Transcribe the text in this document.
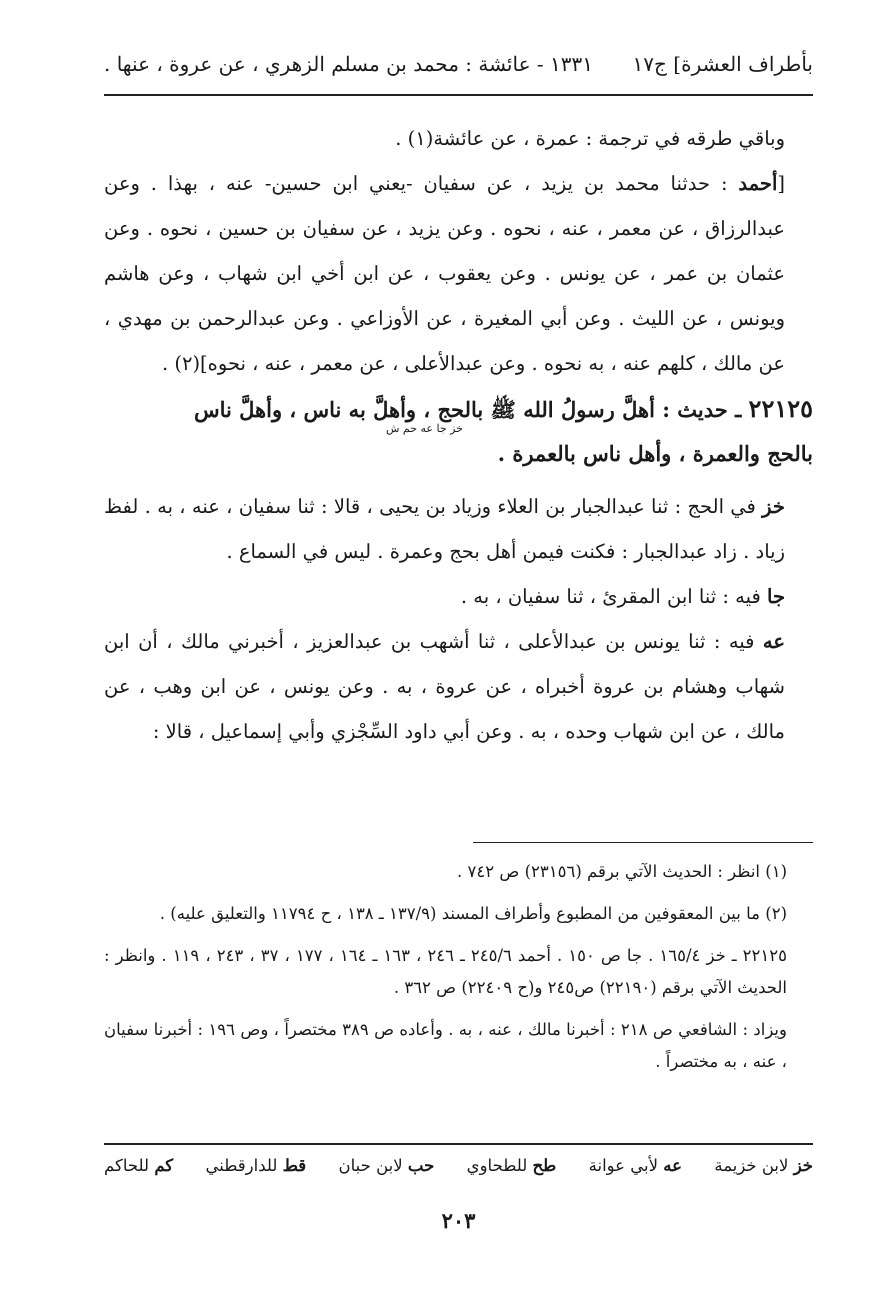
بأطراف العشرة] ج١٧
١٣٣١ - عائشة : محمد بن مسلم الزهري ، عن عروة ، عنها .

وباقي طرقه في ترجمة : عمرة ، عن عائشة(١) .

[أحمد : حدثنا محمد بن يزيد ، عن سفيان -يعني ابن حسين- عنه ، بهذا . وعن عبدالرزاق ، عن معمر ، عنه ، نحوه . وعن يزيد ، عن سفيان بن حسين ، نحوه . وعن عثمان بن عمر ، عن يونس . وعن يعقوب ، عن ابن أخي ابن شهاب ، وعن هاشم ويونس ، عن الليث . وعن أبي المغيرة ، عن الأوزاعي . وعن عبدالرحمن بن مهدي ، عن مالك ، كلهم عنه ، به نحوه . وعن عبدالأعلى ، عن معمر ، عنه ، نحوه](٢) .

٢٢١٢٥ ـ حديث : أهلَّ رسولُ الله ﷺ بالحج ، وأهلَّ به ناس ، وأهلَّ ناس
خز جا عه حم ش
بالحج والعمرة ، وأهل ناس بالعمرة .

خز في الحج : ثنا عبدالجبار بن العلاء وزياد بن يحيى ، قالا : ثنا سفيان ، عنه ، به . لفظ زياد . زاد عبدالجبار : فكنت فيمن أهل بحج وعمرة . ليس في السماع .

جا فيه : ثنا ابن المقرئ ، ثنا سفيان ، به .

عه فيه : ثنا يونس بن عبدالأعلى ، ثنا أشهب بن عبدالعزيز ، أخبرني مالك ، أن ابن شهاب وهشام بن عروة أخبراه ، عن عروة ، به . وعن يونس ، عن ابن وهب ، عن مالك ، عن ابن شهاب وحده ، به . وعن أبي داود السِّجْزي وأبي إسماعيل ، قالا :

(١) انظر : الحديث الآتي برقم (٢٣١٥٦) ص ٧٤٢ .

(٢) ما بين المعقوفين من المطبوع وأطراف المسند (١٣٧/٩ ـ ١٣٨ ، ح ١١٧٩٤ والتعليق عليه) .

٢٢١٢٥ ـ خز ١٦٥/٤ . جا ص ١٥٠ . أحمد ٢٤٥/٦ ـ ٢٤٦ ، ١٦٣ ـ ١٦٤ ، ١٧٧ ، ٣٧ ، ٢٤٣ ، ١١٩ . وانظر : الحديث الآتي برقم (٢٢١٩٠) ص٢٤٥ و(ح ٢٢٤٠٩) ص ٣٦٢ .

ويزاد : الشافعي ص ٢١٨ : أخبرنا مالك ، عنه ، به . وأعاده ص ٣٨٩ مختصراً ، وص ١٩٦ : أخبرنا سفيان ، عنه ، به مختصراً .

خز لابن خزيمة
عه لأبي عوانة
طح للطحاوي
حب لابن حبان
قط للدارقطني
كم للحاكم
٢٠٣
